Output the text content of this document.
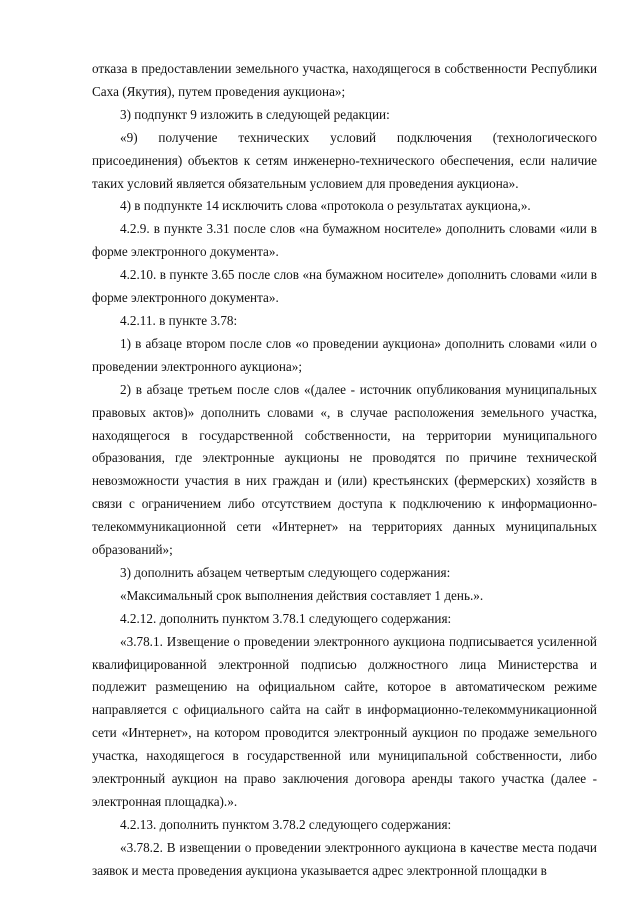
отказа в предоставлении земельного участка, находящегося в собственности Республики Саха (Якутия), путем проведения аукциона»;

3) подпункт 9 изложить в следующей редакции:

«9) получение технических условий подключения (технологического присоединения) объектов к сетям инженерно-технического обеспечения, если наличие таких условий является обязательным условием для проведения аукциона».

4) в подпункте 14 исключить слова «протокола о результатах аукциона,».

4.2.9. в пункте 3.31 после слов «на бумажном носителе» дополнить словами «или в форме электронного документа».

4.2.10. в пункте 3.65 после слов «на бумажном носителе» дополнить словами «или в форме электронного документа».

4.2.11. в пункте 3.78:

1) в абзаце втором после слов «о проведении аукциона» дополнить словами «или о проведении электронного аукциона»;

2) в абзаце третьем после слов «(далее - источник опубликования муниципальных правовых актов)» дополнить словами «, в случае расположения земельного участка, находящегося в государственной собственности, на территории муниципального образования, где электронные аукционы не проводятся по причине технической невозможности участия в них граждан и (или) крестьянских (фермерских) хозяйств в связи с ограничением либо отсутствием доступа к подключению к информационно-телекоммуникационной сети «Интернет» на территориях данных муниципальных образований»;

3) дополнить абзацем четвертым следующего содержания:

«Максимальный срок выполнения действия составляет 1 день.».

4.2.12. дополнить пунктом 3.78.1 следующего содержания:

«3.78.1. Извещение о проведении электронного аукциона подписывается усиленной квалифицированной электронной подписью должностного лица Министерства и подлежит размещению на официальном сайте, которое в автоматическом режиме направляется с официального сайта на сайт в информационно-телекоммуникационной сети «Интернет», на котором проводится электронный аукцион по продаже земельного участка, находящегося в государственной или муниципальной собственности, либо электронный аукцион на право заключения договора аренды такого участка (далее - электронная площадка).».

4.2.13. дополнить пунктом 3.78.2 следующего содержания:

«3.78.2. В извещении о проведении электронного аукциона в качестве места подачи заявок и места проведения аукциона указывается адрес электронной площадки в
